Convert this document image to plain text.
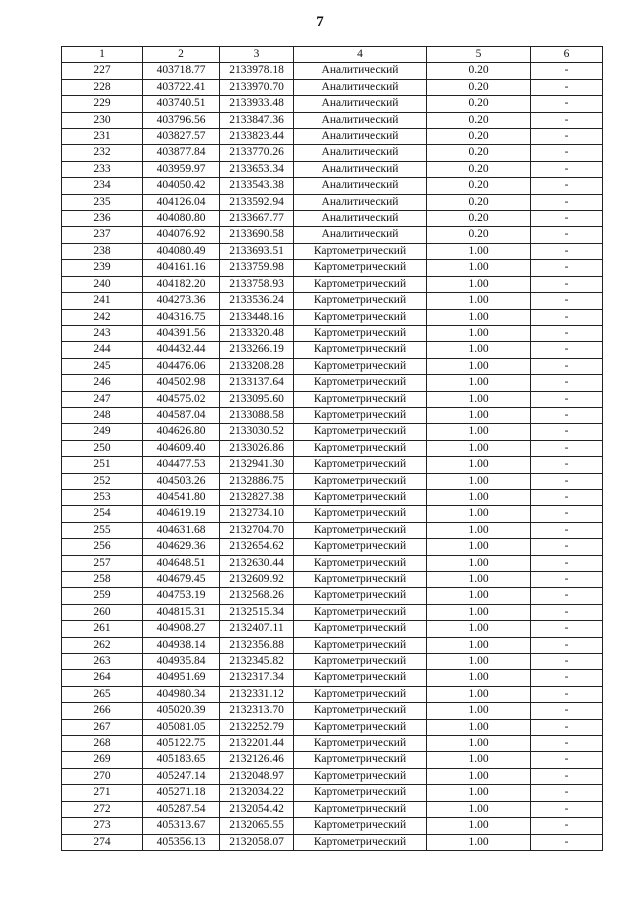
7
1	2	3	4	5	6
227	403718.77	2133978.18	Аналитический	0.20	-
228	403722.41	2133970.70	Аналитический	0.20	-
229	403740.51	2133933.48	Аналитический	0.20	-
230	403796.56	2133847.36	Аналитический	0.20	-
231	403827.57	2133823.44	Аналитический	0.20	-
232	403877.84	2133770.26	Аналитический	0.20	-
233	403959.97	2133653.34	Аналитический	0.20	-
234	404050.42	2133543.38	Аналитический	0.20	-
235	404126.04	2133592.94	Аналитический	0.20	-
236	404080.80	2133667.77	Аналитический	0.20	-
237	404076.92	2133690.58	Аналитический	0.20	-
238	404080.49	2133693.51	Картометрический	1.00	-
239	404161.16	2133759.98	Картометрический	1.00	-
240	404182.20	2133758.93	Картометрический	1.00	-
241	404273.36	2133536.24	Картометрический	1.00	-
242	404316.75	2133448.16	Картометрический	1.00	-
243	404391.56	2133320.48	Картометрический	1.00	-
244	404432.44	2133266.19	Картометрический	1.00	-
245	404476.06	2133208.28	Картометрический	1.00	-
246	404502.98	2133137.64	Картометрический	1.00	-
247	404575.02	2133095.60	Картометрический	1.00	-
248	404587.04	2133088.58	Картометрический	1.00	-
249	404626.80	2133030.52	Картометрический	1.00	-
250	404609.40	2133026.86	Картометрический	1.00	-
251	404477.53	2132941.30	Картометрический	1.00	-
252	404503.26	2132886.75	Картометрический	1.00	-
253	404541.80	2132827.38	Картометрический	1.00	-
254	404619.19	2132734.10	Картометрический	1.00	-
255	404631.68	2132704.70	Картометрический	1.00	-
256	404629.36	2132654.62	Картометрический	1.00	-
257	404648.51	2132630.44	Картометрический	1.00	-
258	404679.45	2132609.92	Картометрический	1.00	-
259	404753.19	2132568.26	Картометрический	1.00	-
260	404815.31	2132515.34	Картометрический	1.00	-
261	404908.27	2132407.11	Картометрический	1.00	-
262	404938.14	2132356.88	Картометрический	1.00	-
263	404935.84	2132345.82	Картометрический	1.00	-
264	404951.69	2132317.34	Картометрический	1.00	-
265	404980.34	2132331.12	Картометрический	1.00	-
266	405020.39	2132313.70	Картометрический	1.00	-
267	405081.05	2132252.79	Картометрический	1.00	-
268	405122.75	2132201.44	Картометрический	1.00	-
269	405183.65	2132126.46	Картометрический	1.00	-
270	405247.14	2132048.97	Картометрический	1.00	-
271	405271.18	2132034.22	Картометрический	1.00	-
272	405287.54	2132054.42	Картометрический	1.00	-
273	405313.67	2132065.55	Картометрический	1.00	-
274	405356.13	2132058.07	Картометрический	1.00	-
